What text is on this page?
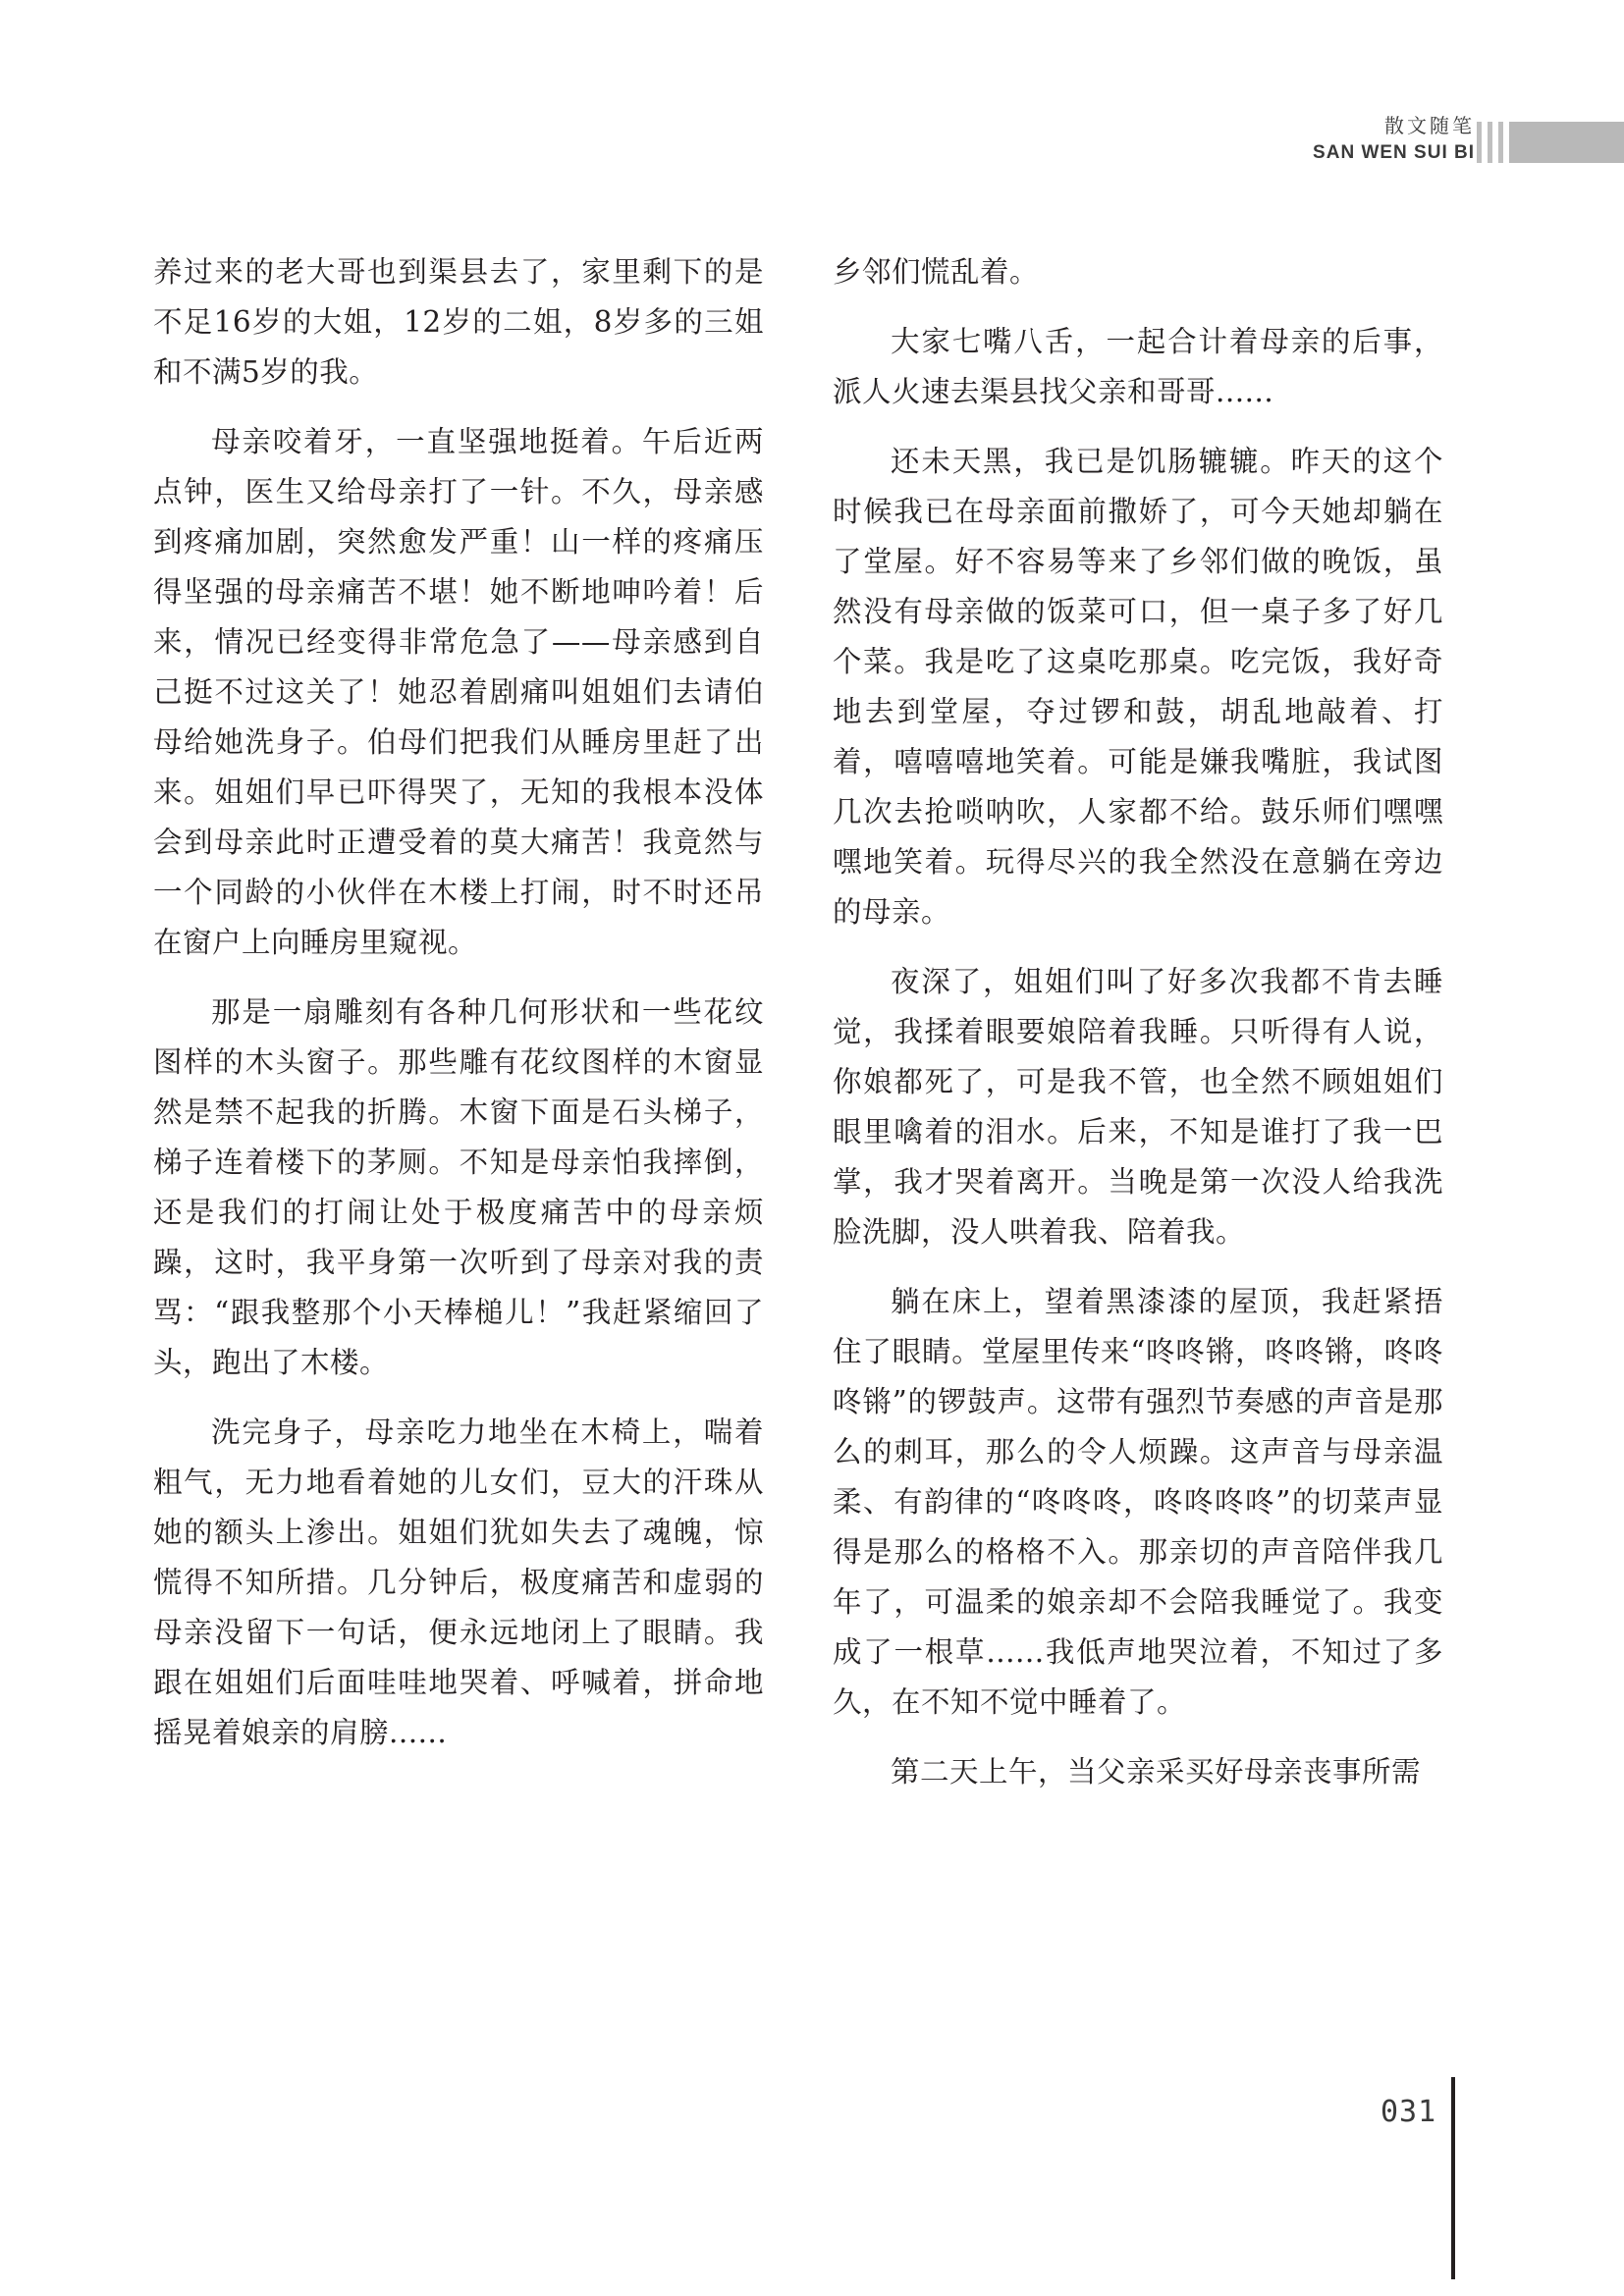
散文随笔
SAN WEN SUI BI

养过来的老大哥也到渠县去了，家里剩下的是不足16岁的大姐，12岁的二姐，8岁多的三姐和不满5岁的我。

母亲咬着牙，一直坚强地挺着。午后近两点钟，医生又给母亲打了一针。不久，母亲感到疼痛加剧，突然愈发严重！山一样的疼痛压得坚强的母亲痛苦不堪！她不断地呻吟着！后来，情况已经变得非常危急了——母亲感到自己挺不过这关了！她忍着剧痛叫姐姐们去请伯母给她洗身子。伯母们把我们从睡房里赶了出来。姐姐们早已吓得哭了，无知的我根本没体会到母亲此时正遭受着的莫大痛苦！我竟然与一个同龄的小伙伴在木楼上打闹，时不时还吊在窗户上向睡房里窥视。

那是一扇雕刻有各种几何形状和一些花纹图样的木头窗子。那些雕有花纹图样的木窗显然是禁不起我的折腾。木窗下面是石头梯子，梯子连着楼下的茅厕。不知是母亲怕我摔倒，还是我们的打闹让处于极度痛苦中的母亲烦躁，这时，我平身第一次听到了母亲对我的责骂：“跟我整那个小天棒槌儿！”我赶紧缩回了头，跑出了木楼。

洗完身子，母亲吃力地坐在木椅上，喘着粗气，无力地看着她的儿女们，豆大的汗珠从她的额头上渗出。姐姐们犹如失去了魂魄，惊慌得不知所措。几分钟后，极度痛苦和虚弱的母亲没留下一句话，便永远地闭上了眼睛。我跟在姐姐们后面哇哇地哭着、呼喊着，拼命地摇晃着娘亲的肩膀......

乡邻们慌乱着。

大家七嘴八舌，一起合计着母亲的后事，派人火速去渠县找父亲和哥哥......

还未天黑，我已是饥肠辘辘。昨天的这个时候我已在母亲面前撒娇了，可今天她却躺在了堂屋。好不容易等来了乡邻们做的晚饭，虽然没有母亲做的饭菜可口，但一桌子多了好几个菜。我是吃了这桌吃那桌。吃完饭，我好奇地去到堂屋，夺过锣和鼓，胡乱地敲着、打着，嘻嘻嘻地笑着。可能是嫌我嘴脏，我试图几次去抢唢呐吹，人家都不给。鼓乐师们嘿嘿嘿地笑着。玩得尽兴的我全然没在意躺在旁边的母亲。

夜深了，姐姐们叫了好多次我都不肯去睡觉，我揉着眼要娘陪着我睡。只听得有人说，你娘都死了，可是我不管，也全然不顾姐姐们眼里噙着的泪水。后来，不知是谁打了我一巴掌，我才哭着离开。当晚是第一次没人给我洗脸洗脚，没人哄着我、陪着我。

躺在床上，望着黑漆漆的屋顶，我赶紧捂住了眼睛。堂屋里传来“咚咚锵，咚咚锵，咚咚咚锵”的锣鼓声。这带有强烈节奏感的声音是那么的刺耳，那么的令人烦躁。这声音与母亲温柔、有韵律的“咚咚咚，咚咚咚咚”的切菜声显得是那么的格格不入。那亲切的声音陪伴我几年了，可温柔的娘亲却不会陪我睡觉了。我变成了一根草......我低声地哭泣着，不知过了多久，在不知不觉中睡着了。

第二天上午，当父亲采买好母亲丧事所需

031
